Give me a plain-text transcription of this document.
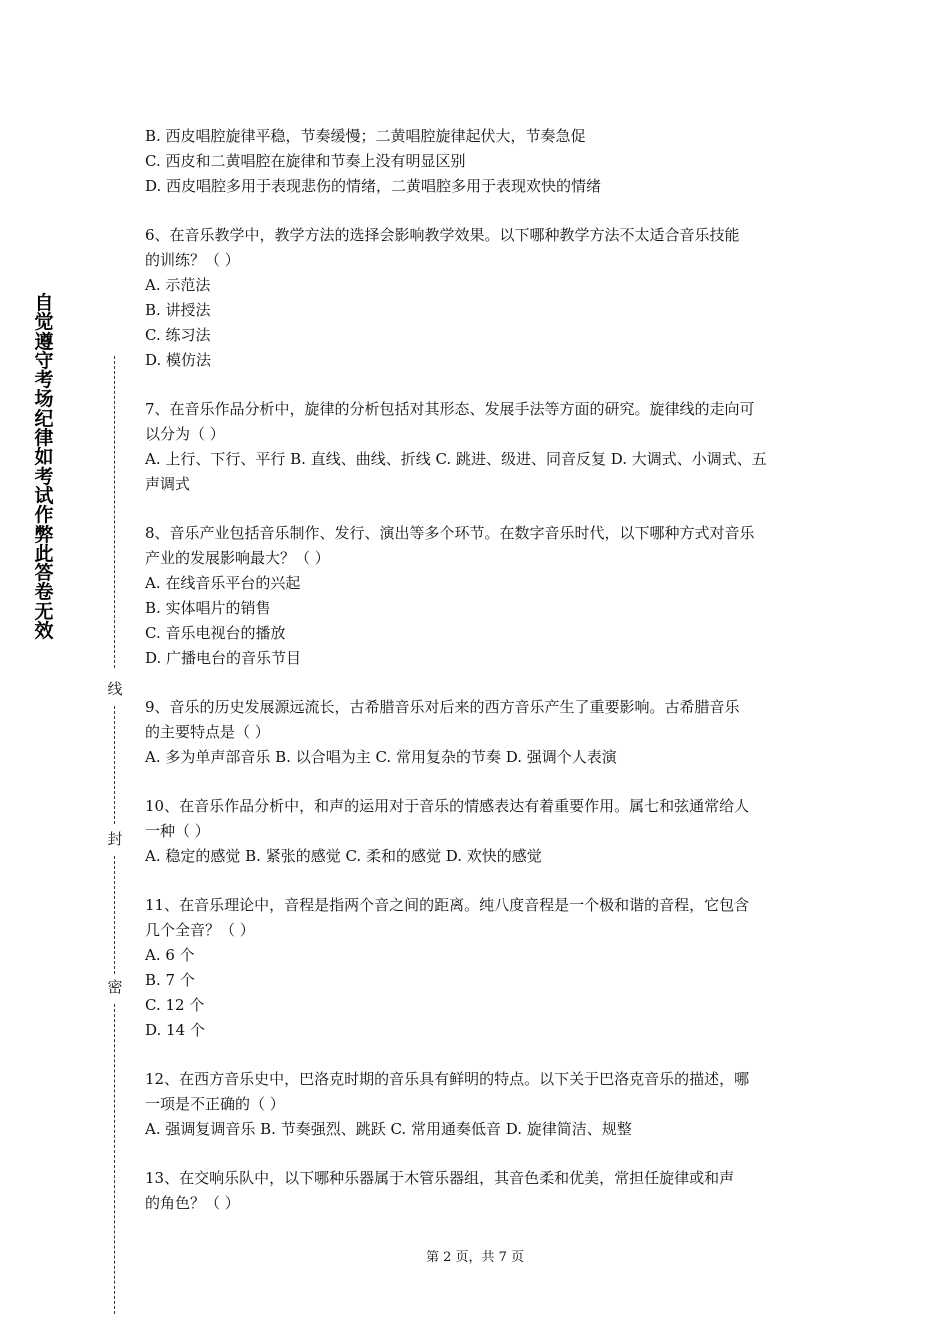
自觉遵守考场纪律如考试作弊此答卷无效
线
封
密
B. 西皮唱腔旋律平稳，节奏缓慢；二黄唱腔旋律起伏大，节奏急促
C. 西皮和二黄唱腔在旋律和节奏上没有明显区别
D. 西皮唱腔多用于表现悲伤的情绪，二黄唱腔多用于表现欢快的情绪
6、在音乐教学中，教学方法的选择会影响教学效果。以下哪种教学方法不太适合音乐技能
的训练？（ ）
A. 示范法
B. 讲授法
C. 练习法
D. 模仿法
7、在音乐作品分析中，旋律的分析包括对其形态、发展手法等方面的研究。旋律线的走向可
以分为（ ）
A. 上行、下行、平行 B. 直线、曲线、折线 C. 跳进、级进、同音反复 D. 大调式、小调式、五
声调式
8、音乐产业包括音乐制作、发行、演出等多个环节。在数字音乐时代，以下哪种方式对音乐
产业的发展影响最大？（ ）
A. 在线音乐平台的兴起
B. 实体唱片的销售
C. 音乐电视台的播放
D. 广播电台的音乐节目
9、音乐的历史发展源远流长，古希腊音乐对后来的西方音乐产生了重要影响。古希腊音乐
的主要特点是（ ）
A. 多为单声部音乐 B. 以合唱为主 C. 常用复杂的节奏 D. 强调个人表演
10、在音乐作品分析中，和声的运用对于音乐的情感表达有着重要作用。属七和弦通常给人
一种（ ）
A. 稳定的感觉 B. 紧张的感觉 C. 柔和的感觉 D. 欢快的感觉
11、在音乐理论中，音程是指两个音之间的距离。纯八度音程是一个极和谐的音程，它包含
几个全音？（ ）
A. 6 个
B. 7 个
C. 12 个
D. 14 个
12、在西方音乐史中，巴洛克时期的音乐具有鲜明的特点。以下关于巴洛克音乐的描述，哪
一项是不正确的（ ）
A. 强调复调音乐 B. 节奏强烈、跳跃 C. 常用通奏低音 D. 旋律简洁、规整
13、在交响乐队中，以下哪种乐器属于木管乐器组，其音色柔和优美，常担任旋律或和声
的角色？（ ）
第 2 页，共 7 页
